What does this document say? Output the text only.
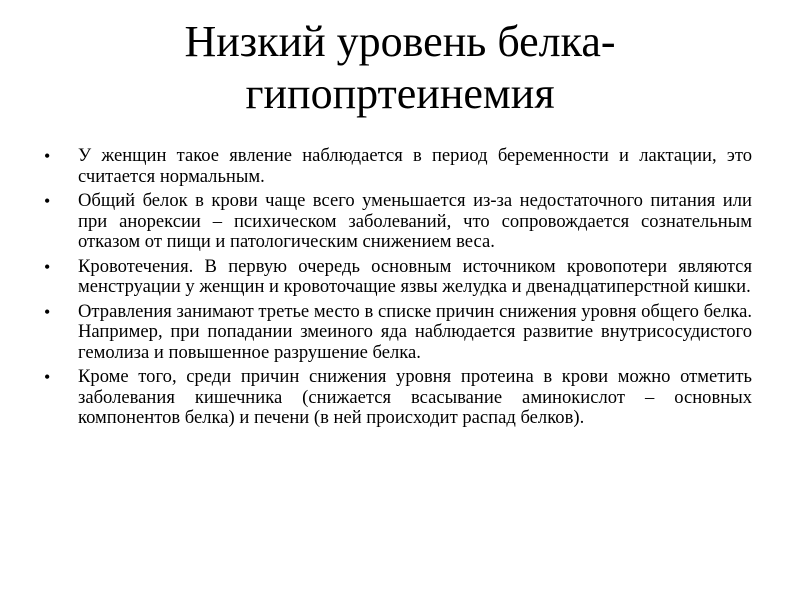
Низкий уровень белка-
гипопртеинемия
•	У женщин такое явление наблюдается в период беременности и лактации, это считается нормальным.
•	Общий белок в крови чаще всего уменьшается из-за недостаточного питания или при анорексии – психическом заболеваний, что сопровождается сознательным отказом от пищи и патологическим снижением веса.
•	Кровотечения. В первую очередь основным источником кровопотери являются менструации у женщин и кровоточащие язвы желудка и двенадцатиперстной кишки.
•	Отравления занимают третье место в списке причин снижения уровня общего белка. Например, при попадании змеиного яда наблюдается развитие внутрисосудистого гемолиза и повышенное разрушение белка.
•	Кроме того, среди причин снижения уровня протеина в крови можно отметить заболевания кишечника (снижается всасывание аминокислот – основных компонентов белка) и печени (в ней происходит распад белков).
